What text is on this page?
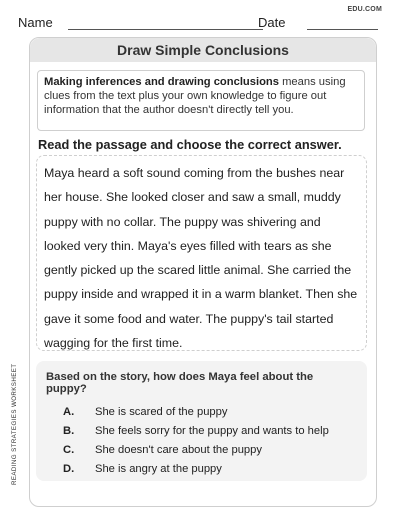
EDU.COM
Name	Date
Draw Simple Conclusions
Making inferences and drawing conclusions means using clues from the text plus your own knowledge to figure out information that the author doesn't directly tell you.
Read the passage and choose the correct answer.
Maya heard a soft sound coming from the bushes near her house. She looked closer and saw a small, muddy puppy with no collar. The puppy was shivering and looked very thin. Maya's eyes filled with tears as she gently picked up the scared little animal. She carried the puppy inside and wrapped it in a warm blanket. Then she gave it some food and water. The puppy's tail started wagging for the first time.
Based on the story, how does Maya feel about the puppy?
A.	She is scared of the puppy
B.	She feels sorry for the puppy and wants to help
C.	She doesn't care about the puppy
D.	She is angry at the puppy
READING STRATEGIES WORKSHEET
